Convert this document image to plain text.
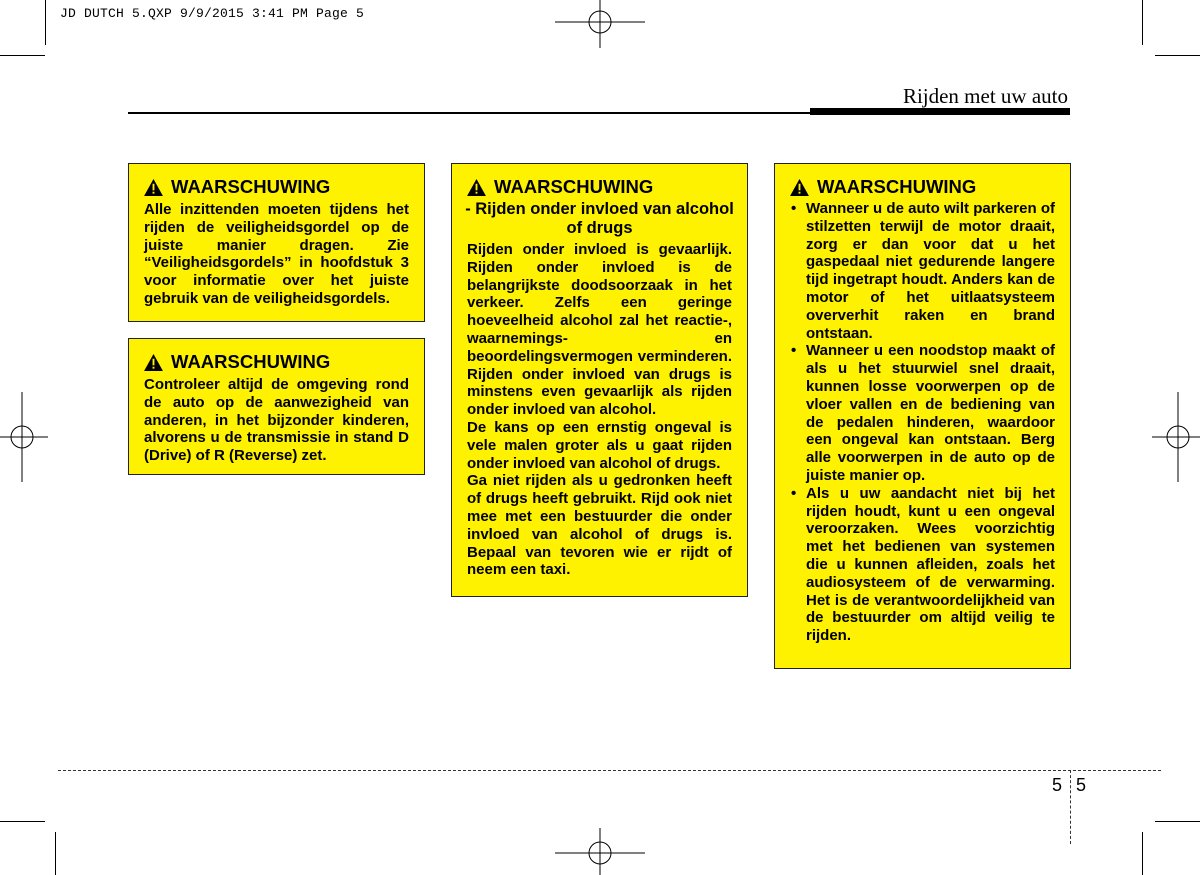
JD DUTCH 5.QXP 9/9/2015 3:41 PM Page 5
Rijden met uw auto
WAARSCHUWING

Alle inzittenden moeten tijdens het rijden de veiligheidsgordel op de juiste manier dragen. Zie “Veiligheidsgordels” in hoofdstuk 3 voor informatie over het juiste gebruik van de veiligheidsgordels.

WAARSCHUWING

Controleer altijd de omgeving rond de auto op de aanwezigheid van anderen, in het bijzonder kinderen, alvorens u de transmissie in stand D (Drive) of R (Reverse) zet.

WAARSCHUWING
- Rijden onder invloed van alcohol of drugs

Rijden onder invloed is gevaarlijk. Rijden onder invloed is de belangrijkste doodsoorzaak in het verkeer. Zelfs een geringe hoeveelheid alcohol zal het reactie-, waarnemings- en beoordelingsvermogen verminderen. Rijden onder invloed van drugs is minstens even gevaarlijk als rijden onder invloed van alcohol.

De kans op een ernstig ongeval is vele malen groter als u gaat rijden onder invloed van alcohol of drugs.

Ga niet rijden als u gedronken heeft of drugs heeft gebruikt. Rijd ook niet mee met een bestuurder die onder invloed van alcohol of drugs is. Bepaal van tevoren wie er rijdt of neem een taxi.

WAARSCHUWING
• Wanneer u de auto wilt parkeren of stilzetten terwijl de motor draait, zorg er dan voor dat u het gaspedaal niet gedurende langere tijd ingetrapt houdt. Anders kan de motor of het uitlaatsysteem oververhit raken en brand ontstaan.
• Wanneer u een noodstop maakt of als u het stuurwiel snel draait, kunnen losse voorwerpen op de vloer vallen en de bediening van de pedalen hinderen, waardoor een ongeval kan ontstaan. Berg alle voorwerpen in de auto op de juiste manier op.
• Als u uw aandacht niet bij het rijden houdt, kunt u een ongeval veroorzaken. Wees voorzichtig met het bedienen van systemen die u kunnen afleiden, zoals het audiosysteem of de verwarming. Het is de verantwoordelijkheid van de bestuurder om altijd veilig te rijden.
5 5
